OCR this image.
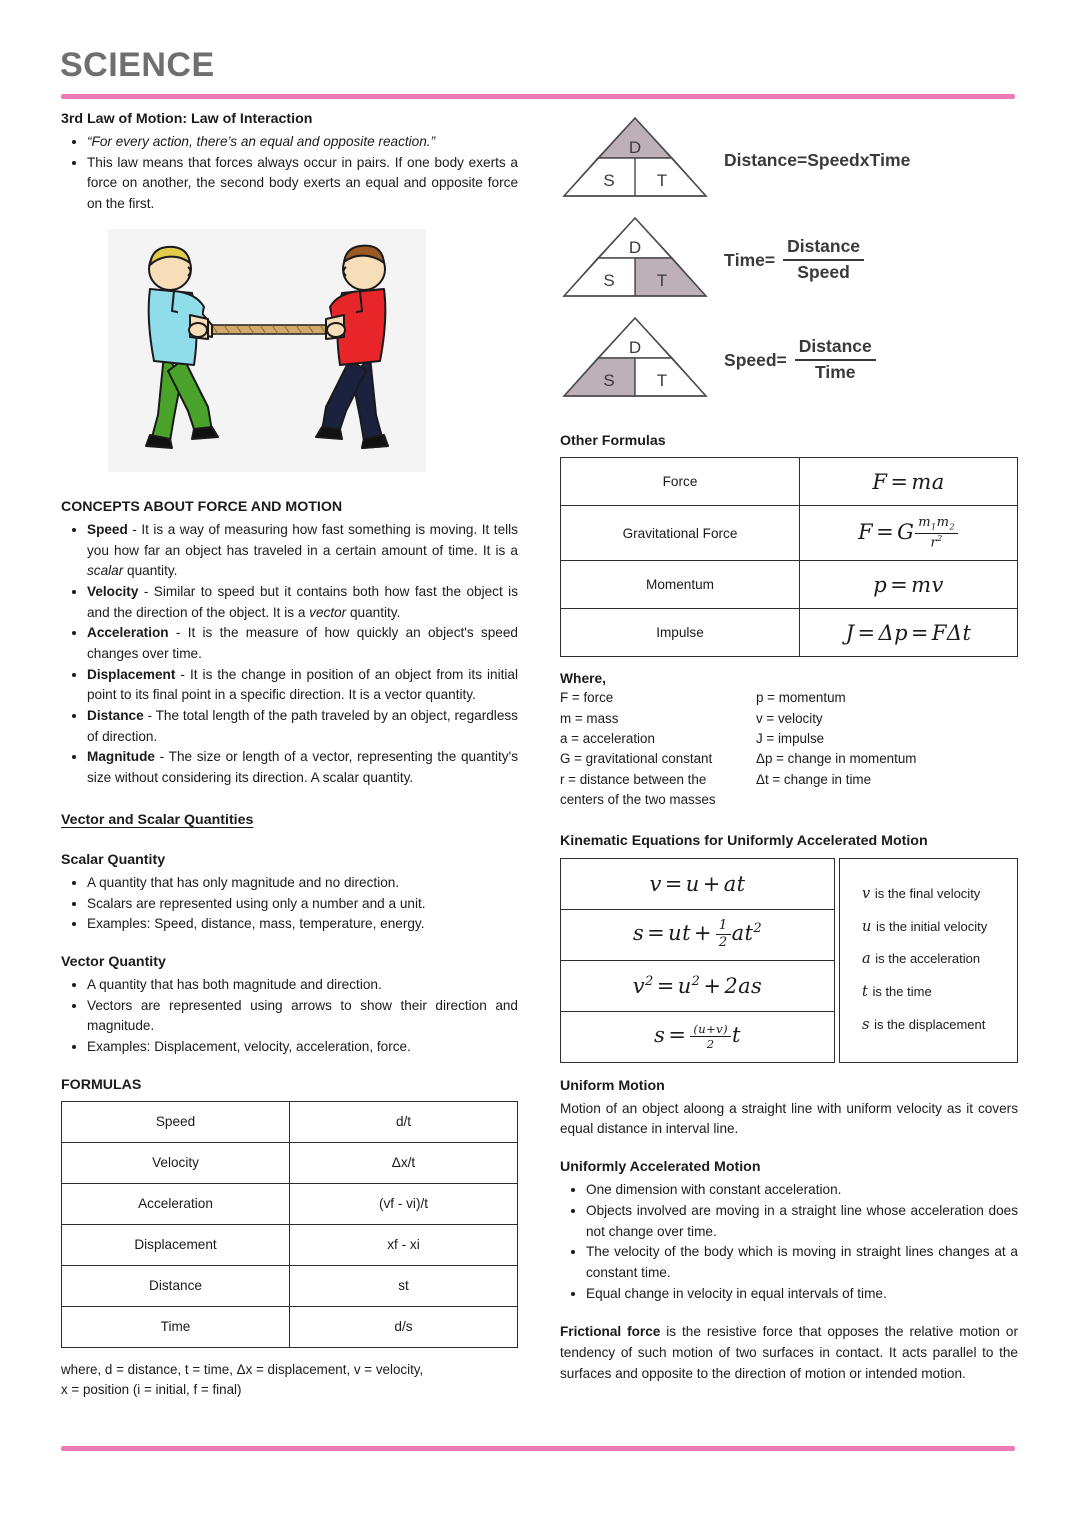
SCIENCE
3rd Law of Motion: Law of Interaction
• “For every action, there’s an equal and opposite reaction.”
• This law means that forces always occur in pairs. If one body exerts a force on another, the second body exerts an equal and opposite force on the first.
CONCEPTS ABOUT FORCE AND MOTION
• Speed - It is a way of measuring how fast something is moving. It tells you how far an object has traveled in a certain amount of time. It is a scalar quantity.
• Velocity - Similar to speed but it contains both how fast the object is and the direction of the object. It is a vector quantity.
• Acceleration - It is the measure of how quickly an object's speed changes over time.
• Displacement - It is the change in position of an object from its initial point to its final point in a specific direction. It is a vector quantity.
• Distance - The total length of the path traveled by an object, regardless of direction.
• Magnitude - The size or length of a vector, representing the quantity's size without considering its direction. A scalar quantity.
Vector and Scalar Quantities
Scalar Quantity
• A quantity that has only magnitude and no direction.
• Scalars are represented using only a number and a unit.
• Examples: Speed, distance, mass, temperature, energy.
Vector Quantity
• A quantity that has both magnitude and direction.
• Vectors are represented using arrows to show their direction and magnitude.
• Examples: Displacement, velocity, acceleration, force.
FORMULAS
Speed	d/t
Velocity	Δx/t
Acceleration	(vf - vi)/t
Displacement	xf - xi
Distance	st
Time	d/s
where, d = distance, t = time, Δx = displacement, v = velocity,
x = position (i = initial, f = final)
D
S T
D istance = S peed x T ime
D
S T
T ime = $\frac{\text{Distance}}{\text{Speed}}$
D
S T
S peed = $\frac{\text{Distance}}{\text{Time}}$
Other Formulas
Force	F = ma
Gravitational Force	F = G $\frac{m_1m_2}{r^2}$

Momentum	p = mv
Impulse	J = Δp = FΔt
Where,
F = force
m = mass
a = acceleration
G = gravitational constant
r = distance between the
centers of the two masses
p = momentum
v = velocity
J = impulse
Δp = change in momentum
Δt = change in time
Kinematic Equations for Uniformly Accelerated Motion
v = u + at
s = ut + $\frac{1}{2} at^2$
$v^2 = u^2 + 2as$
$s = \frac{(u+v)}{2}$ t
v is the final velocity
u is the initial velocity
a is the acceleration
t is the time
s is the displacement
Uniform Motion

Motion of an object aloong a straight line with uniform velocity as it covers equal distance in interval line.

Uniformly Accelerated Motion
• One dimension with constant acceleration.
• Objects involved are moving in a straight line whose acceleration does not change over time.
• The velocity of the body which is moving in straight lines changes at a constant time.
• Equal change in velocity in equal intervals of time.

Frictional force is the resistive force that opposes the relative motion or tendency of such motion of two surfaces in contact. It acts parallel to the surfaces and opposite to the direction of motion or intended motion.
